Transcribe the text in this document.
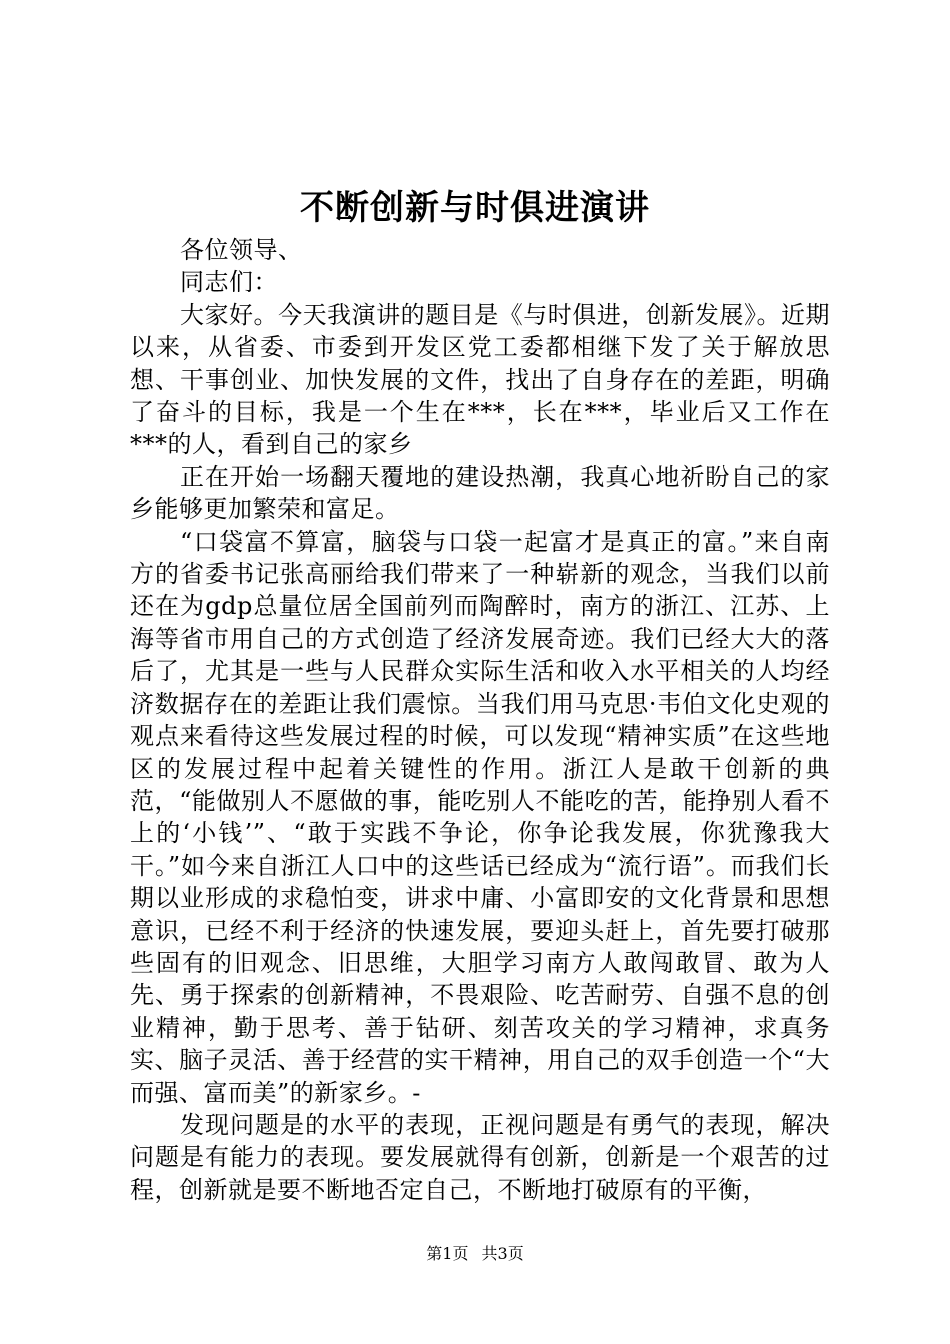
不断创新与时俱进演讲

各位领导、

同志们：

大家好。今天我演讲的题目是《与时俱进，创新发展》。近期以来，从省委、市委到开发区党工委都相继下发了关于解放思想、干事创业、加快发展的文件，找出了自身存在的差距，明确了奋斗的目标，我是一个生在***，长在***，毕业后又工作在***的人，看到自己的家乡

正在开始一场翻天覆地的建设热潮，我真心地祈盼自己的家乡能够更加繁荣和富足。

“口袋富不算富，脑袋与口袋一起富才是真正的富。”来自南方的省委书记张高丽给我们带来了一种崭新的观念，当我们以前还在为gdp总量位居全国前列而陶醉时，南方的浙江、江苏、上海等省市用自己的方式创造了经济发展奇迹。我们已经大大的落后了，尤其是一些与人民群众实际生活和收入水平相关的人均经济数据存在的差距让我们震惊。当我们用马克思·韦伯文化史观的观点来看待这些发展过程的时候，可以发现“精神实质”在这些地区的发展过程中起着关键性的作用。浙江人是敢干创新的典范，“能做别人不愿做的事，能吃别人不能吃的苦，能挣别人看不上的‘小钱’”、“敢于实践不争论，你争论我发展，你犹豫我大干。”如今来自浙江人口中的这些话已经成为“流行语”。而我们长期以业形成的求稳怕变，讲求中庸、小富即安的文化背景和思想意识，已经不利于经济的快速发展，要迎头赶上，首先要打破那些固有的旧观念、旧思维，大胆学习南方人敢闯敢冒、敢为人先、勇于探索的创新精神，不畏艰险、吃苦耐劳、自强不息的创业精神，勤于思考、善于钻研、刻苦攻关的学习精神，求真务实、脑子灵活、善于经营的实干精神，用自己的双手创造一个“大而强、富而美”的新家乡。-

发现问题是的水平的表现，正视问题是有勇气的表现，解决问题是有能力的表现。要发展就得有创新，创新是一个艰苦的过程，创新就是要不断地否定自己，不断地打破原有的平衡，

第1页 共3页
